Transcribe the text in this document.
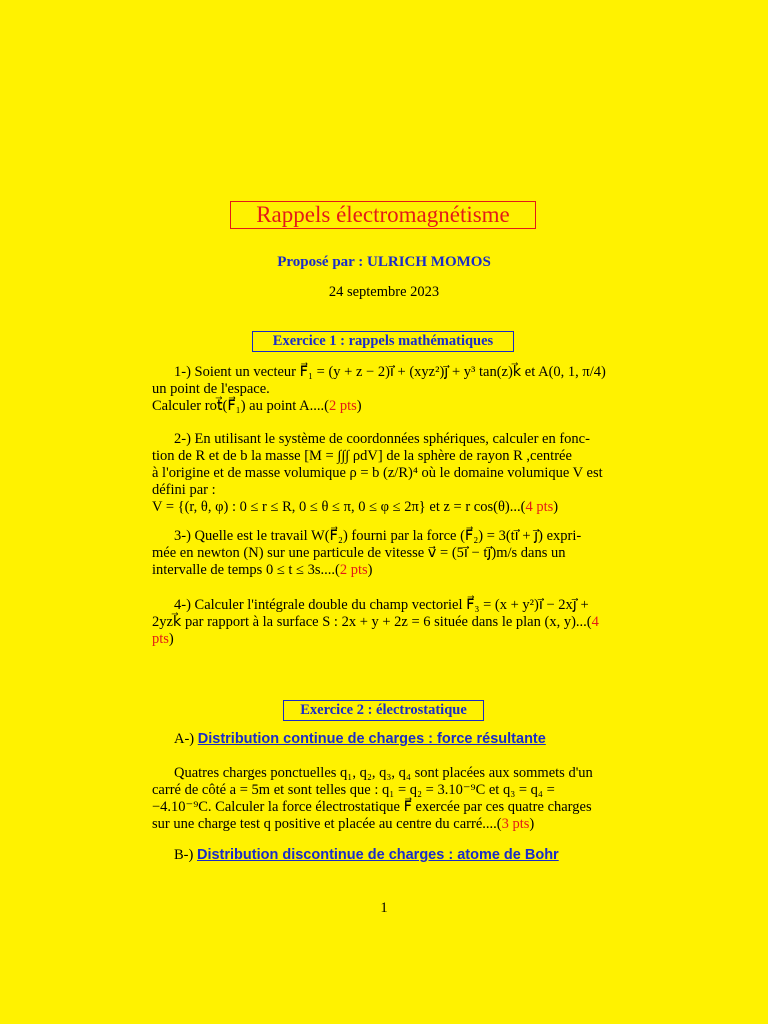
Rappels électromagnétisme
Proposé par : ULRICH MOMOS
24 septembre 2023
Exercice 1 : rappels mathématiques
1-) Soient un vecteur F⃗₁ = (y + z − 2)i⃗ + (xyz²)j⃗ + y³ tan(z)k⃗ et A(0, 1, π/4)
un point de l'espace.
Calculer rot⃗(F⃗₁) au point A....(2 pts)
2-) En utilisant le système de coordonnées sphériques, calculer en fonc-
tion de R et de b la masse [M = ∫∫∫ ρdV] de la sphère de rayon R ,centrée
à l'origine et de masse volumique ρ = b (z/R)⁴ où le domaine volumique V est
défini par :
V = {(r, θ, φ) : 0 ≤ r ≤ R, 0 ≤ θ ≤ π, 0 ≤ φ ≤ 2π} et z = r cos(θ)...(4 pts)
3-) Quelle est le travail W(F⃗₂) fourni par la force (F⃗₂) = 3(ti⃗ + j⃗) expri-
mée en newton (N) sur une particule de vitesse v⃗ = (5i⃗ − tj⃗)m/s dans un
intervalle de temps 0 ≤ t ≤ 3s....(2 pts)
4-) Calculer l'intégrale double du champ vectoriel F⃗₃ = (x + y²)i⃗ − 2xj⃗ +
2yzk⃗ par rapport à la surface S : 2x + y + 2z = 6 située dans le plan (x, y)...(4
pts)
Exercice 2 : électrostatique
A-) Distribution continue de charges : force résultante
Quatres charges ponctuelles q₁, q₂, q₃, q₄ sont placées aux sommets d'un
carré de côté a = 5m et sont telles que : q₁ = q₂ = 3.10⁻⁹C et q₃ = q₄ =
−4.10⁻⁹C. Calculer la force électrostatique F⃗ exercée par ces quatre charges
sur une charge test q positive et placée au centre du carré....(3 pts)
B-) Distribution discontinue de charges : atome de Bohr
1
